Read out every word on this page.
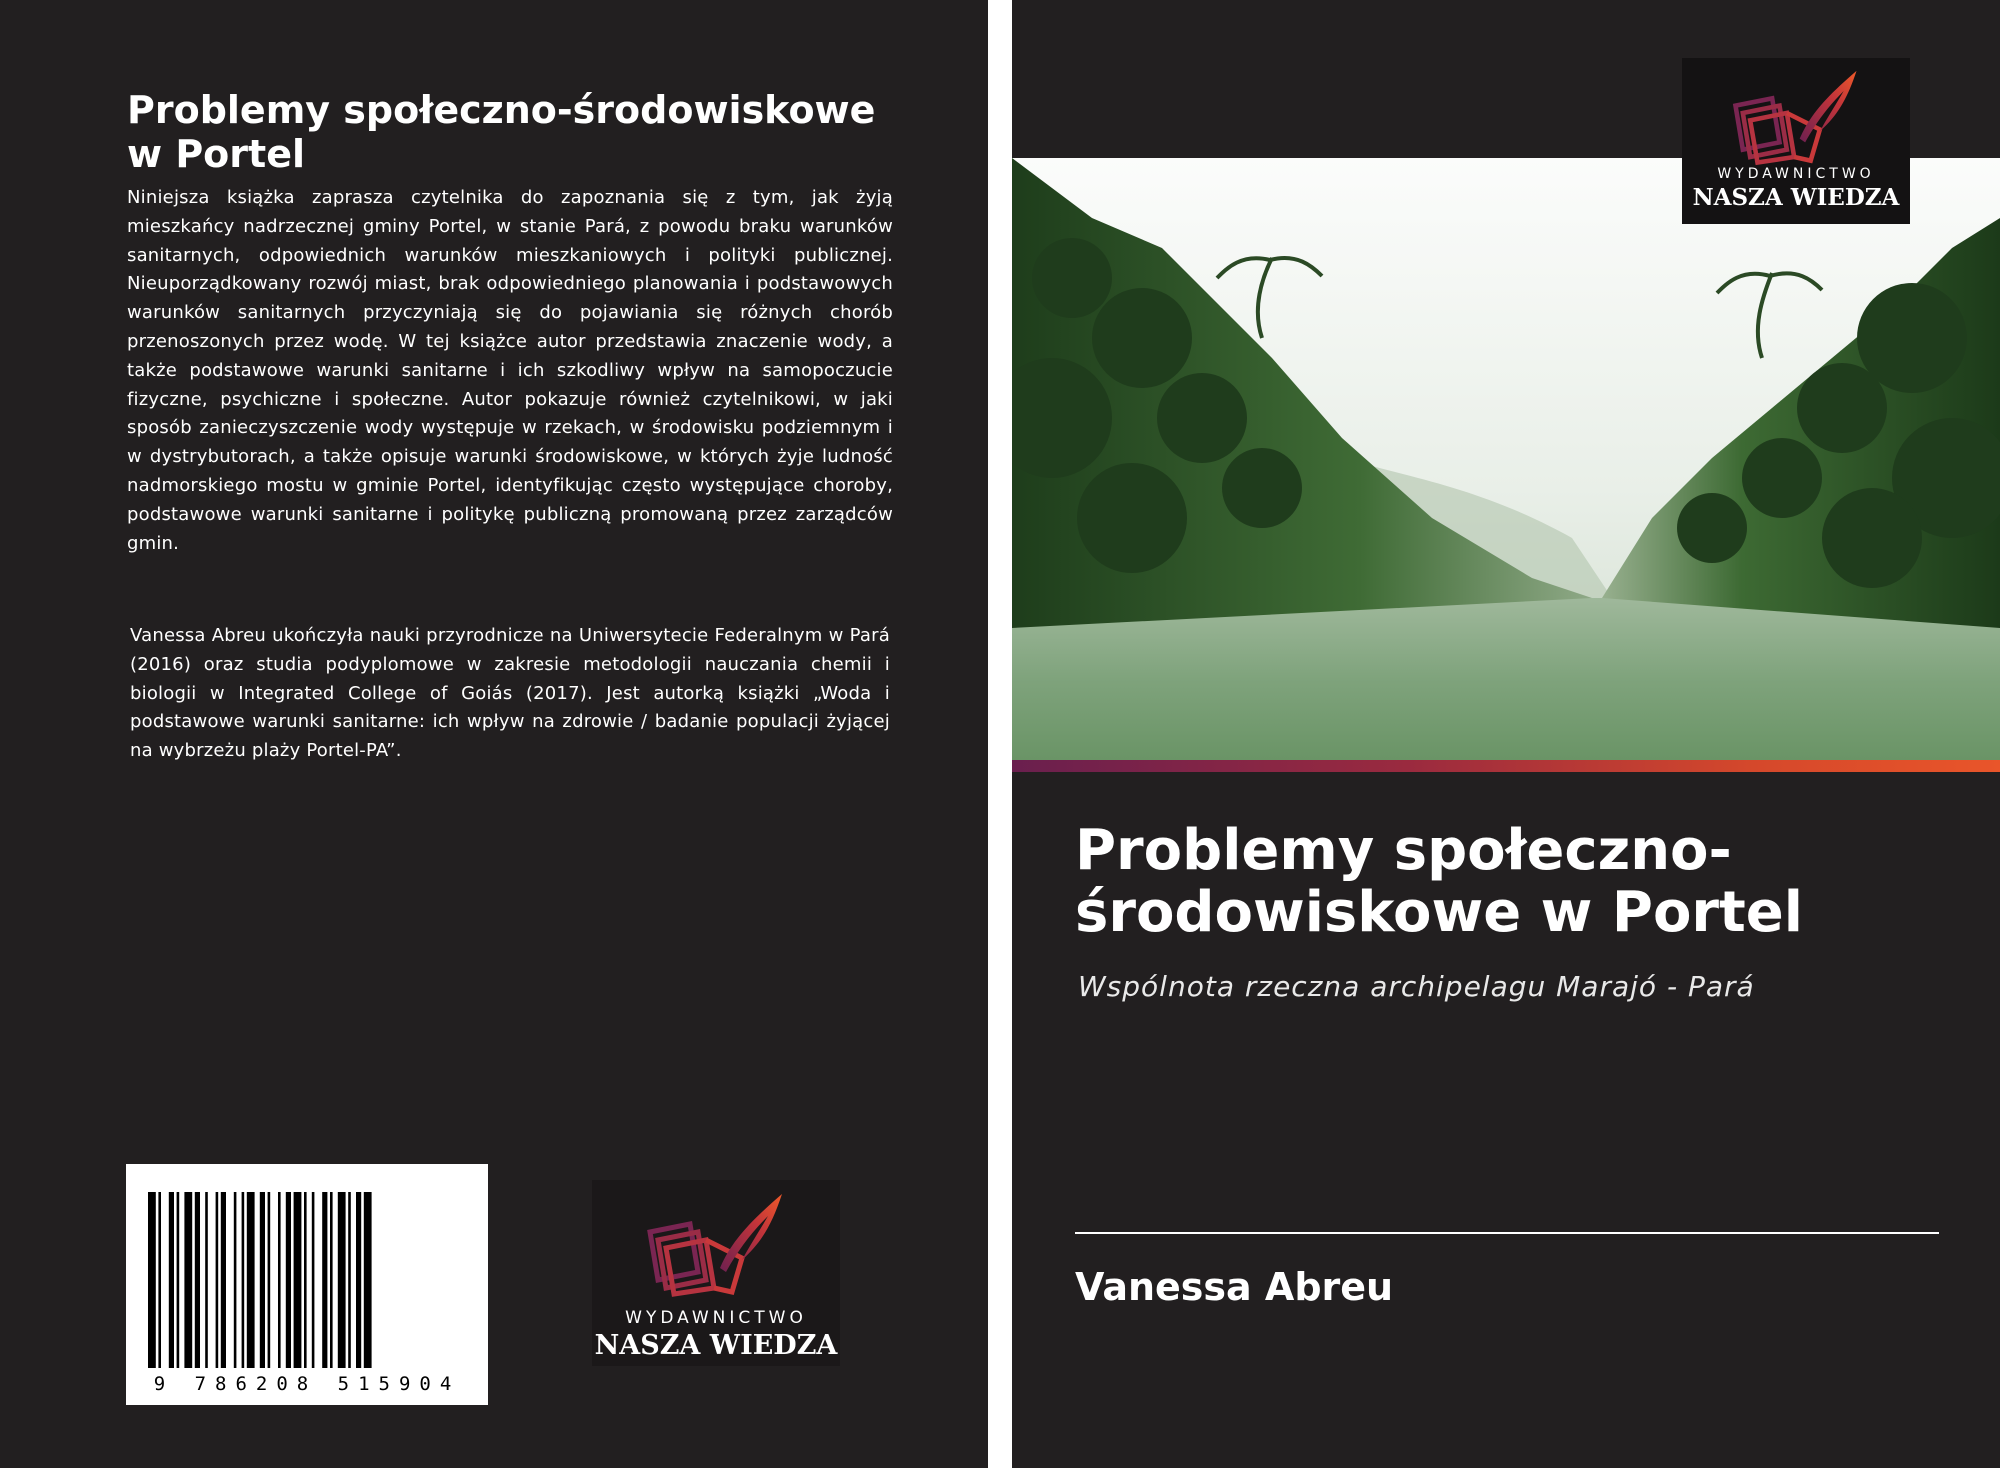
Problemy społeczno-środowiskowe w Portel
Niniejsza książka zaprasza czytelnika do zapoznania się z tym, jak żyją mieszkańcy nadrzecznej gminy Portel, w stanie Pará, z powodu braku warunków sanitarnych, odpowiednich warunków mieszkaniowych i polityki publicznej. Nieuporządkowany rozwój miast, brak odpowiedniego planowania i podstawowych warunków sanitarnych przyczyniają się do pojawiania się różnych chorób przenoszonych przez wodę. W tej książce autor przedstawia znaczenie wody, a także podstawowe warunki sanitarne i ich szkodliwy wpływ na samopoczucie fizyczne, psychiczne i społeczne. Autor pokazuje również czytelnikowi, w jaki sposób zanieczyszczenie wody występuje w rzekach, w środowisku podziemnym i w dystrybutorach, a także opisuje warunki środowiskowe, w których żyje ludność nadmorskiego mostu w gminie Portel, identyfikując często występujące choroby, podstawowe warunki sanitarne i politykę publiczną promowaną przez zarządców gmin.
Vanessa Abreu ukończyła nauki przyrodnicze na Uniwersytecie Federalnym w Pará (2016) oraz studia podyplomowe w zakresie metodologii nauczania chemii i biologii w Integrated College of Goiás (2017). Jest autorką książki „Woda i podstawowe warunki sanitarne: ich wpływ na zdrowie / badanie populacji żyjącej na wybrzeżu plaży Portel-PA”.
9 786208 515904
WYDAWNICTWO
NASZA WIEDZA
WYDAWNICTWO
NASZA WIEDZA
Problemy społeczno-środowiskowe w Portel
Wspólnota rzeczna archipelagu Marajó - Pará
Vanessa Abreu
